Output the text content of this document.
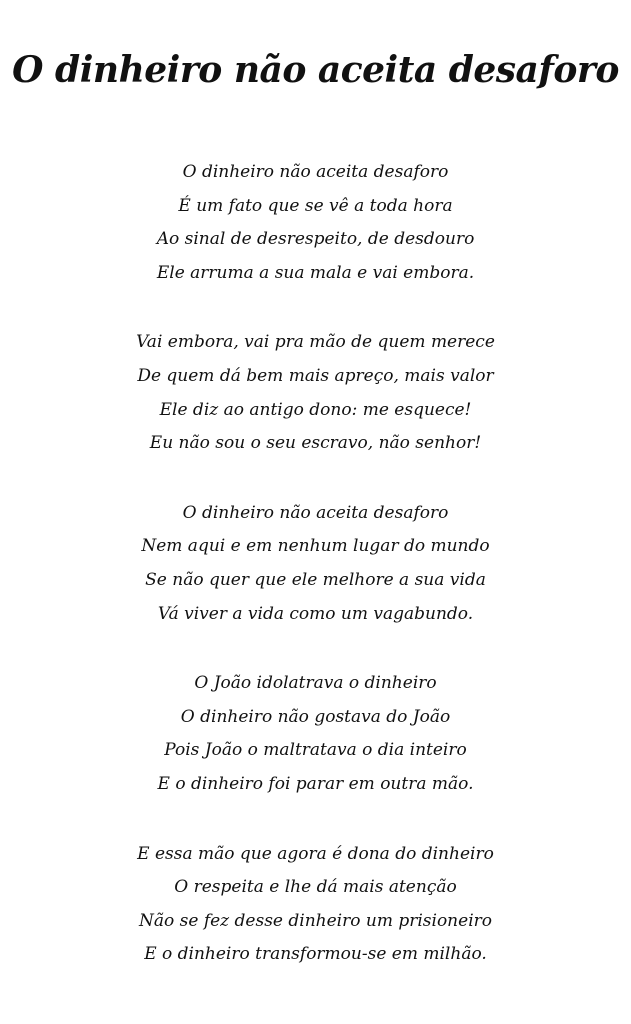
O dinheiro não aceita desaforo
O dinheiro não aceita desaforo
É um fato que se vê a toda hora
Ao sinal de desrespeito, de desdouro
Ele arruma a sua mala e vai embora.
Vai embora, vai pra mão de quem merece
De quem dá bem mais apreço, mais valor
Ele diz ao antigo dono: me esquece!
Eu não sou o seu escravo, não senhor!
O dinheiro não aceita desaforo
Nem aqui e em nenhum lugar do mundo
Se não quer que ele melhore a sua vida
Vá viver a vida como um vagabundo.
O João idolatrava o dinheiro
O dinheiro não gostava do João
Pois João o maltratava o dia inteiro
E o dinheiro foi parar em outra mão.
E essa mão que agora é dona do dinheiro
O respeita e lhe dá mais atenção
Não se fez desse dinheiro um prisioneiro
E o dinheiro transformou-se em milhão.
